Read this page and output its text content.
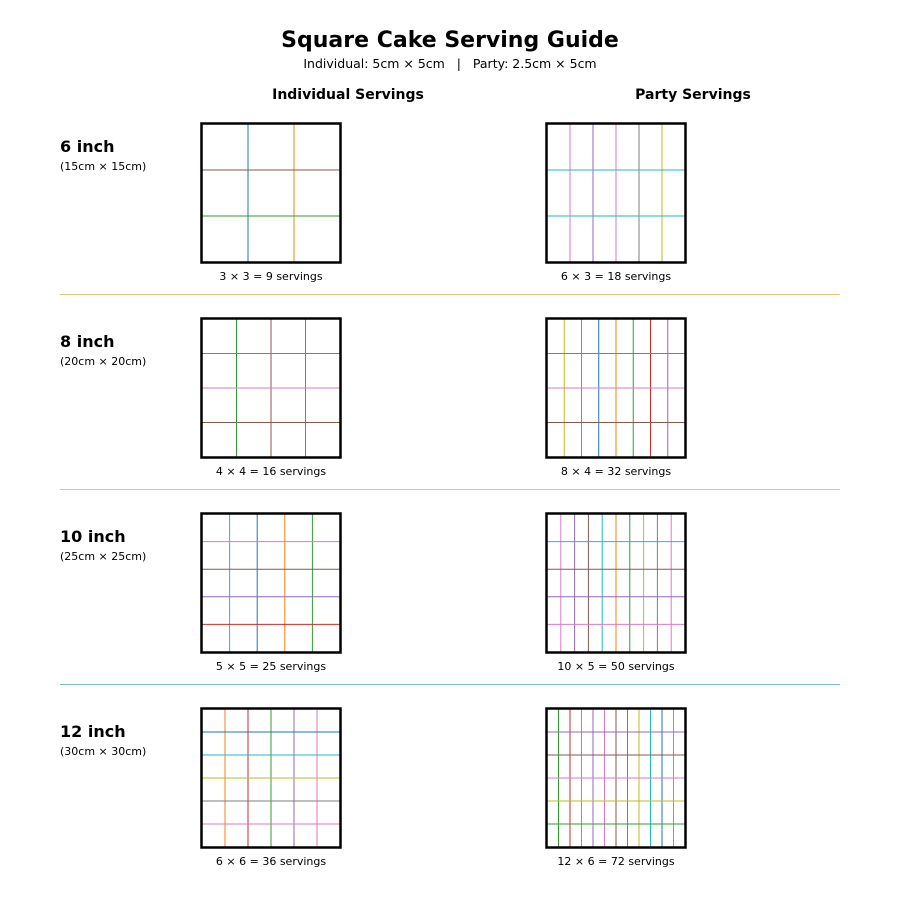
Square Cake Serving Guide
Individual: 5cm × 5cm   |   Party: 2.5cm × 5cm
Individual Servings	Party Servings
6 inch
(15cm × 15cm)
3 × 3 = 9 servings	6 × 3 = 18 servings
8 inch
(20cm × 20cm)
4 × 4 = 16 servings	8 × 4 = 32 servings
10 inch
(25cm × 25cm)
5 × 5 = 25 servings	10 × 5 = 50 servings
12 inch
(30cm × 30cm)
6 × 6 = 36 servings	12 × 6 = 72 servings
